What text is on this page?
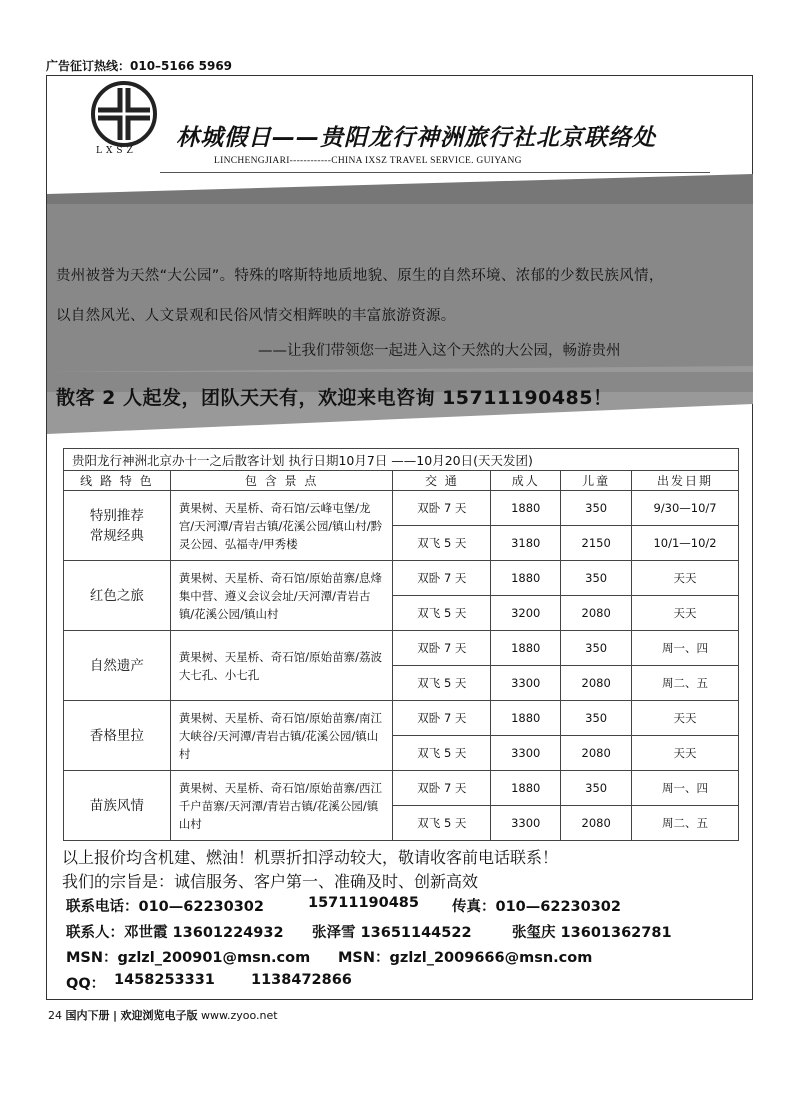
广告征订热线：010–5166 5969
LXSZ 林城假日——贵阳龙行神洲旅行社北京联络处
LINCHENGJIARI------------CHINA IXSZ TRAVEL SERVICE. GUIYANG
贵州被誉为天然“大公园”。特殊的喀斯特地质地貌、原生的自然环境、浓郁的少数民族风情，
以自然风光、人文景观和民俗风情交相辉映的丰富旅游资源。
——让我们带领您一起进入这个天然的大公园，畅游贵州
散客 2 人起发，团队天天有，欢迎来电咨询 15711190485！
贵阳龙行神洲北京办十一之后散客计划 执行日期10月7日 ——10月20日(天天发团)					
线 路 特 色	包 含 景 点	交 通	成人	儿童	出发日期

特别推荐
常规经典	黄果树、天星桥、奇石馆/云峰屯堡/龙宫/天河潭/青岩古镇/花溪公园/镇山村/黔灵公园、弘福寺/甲秀楼	双卧 7 天	1880	350	9/30—10/7
		双飞 5 天	3180	2150	10/1—10/2
红色之旅	黄果树、天星桥、奇石馆/原始苗寨/息烽集中营、遵义会议会址/天河潭/青岩古镇/花溪公园/镇山村	双卧 7 天	1880	350	天天
		双飞 5 天	3200	2080	天天
自然遗产	黄果树、天星桥、奇石馆/原始苗寨/荔波大七孔、小七孔	双卧 7 天	1880	350	周一、四
		双飞 5 天	3300	2080	周二、五
香格里拉	黄果树、天星桥、奇石馆/原始苗寨/南江大峡谷/天河潭/青岩古镇/花溪公园/镇山村	双卧 7 天	1880	350	天天
		双飞 5 天	3300	2080	天天
苗族风情	黄果树、天星桥、奇石馆/原始苗寨/西江千户苗寨/天河潭/青岩古镇/花溪公园/镇山村	双卧 7 天	1880	350	周一、四
		双飞 5 天	3300	2080	周二、五
以上报价均含机建、燃油！机票折扣浮动较大，敬请收客前电话联系！
我们的宗旨是：诚信服务、客户第一、准确及时、创新高效
联系电话：010—62230302	15711190485 传真：010—62230302
联系人：邓世霞 13601224932 张泽雪 13651144522	张玺庆 13601362781
MSN：gzlzl_200901@msn.com MSN：gzlzl_2009666@msn.com
QQ： 1458253331 1138472866
24 国内下册 | 欢迎浏览电子版 www.zyoo.net
